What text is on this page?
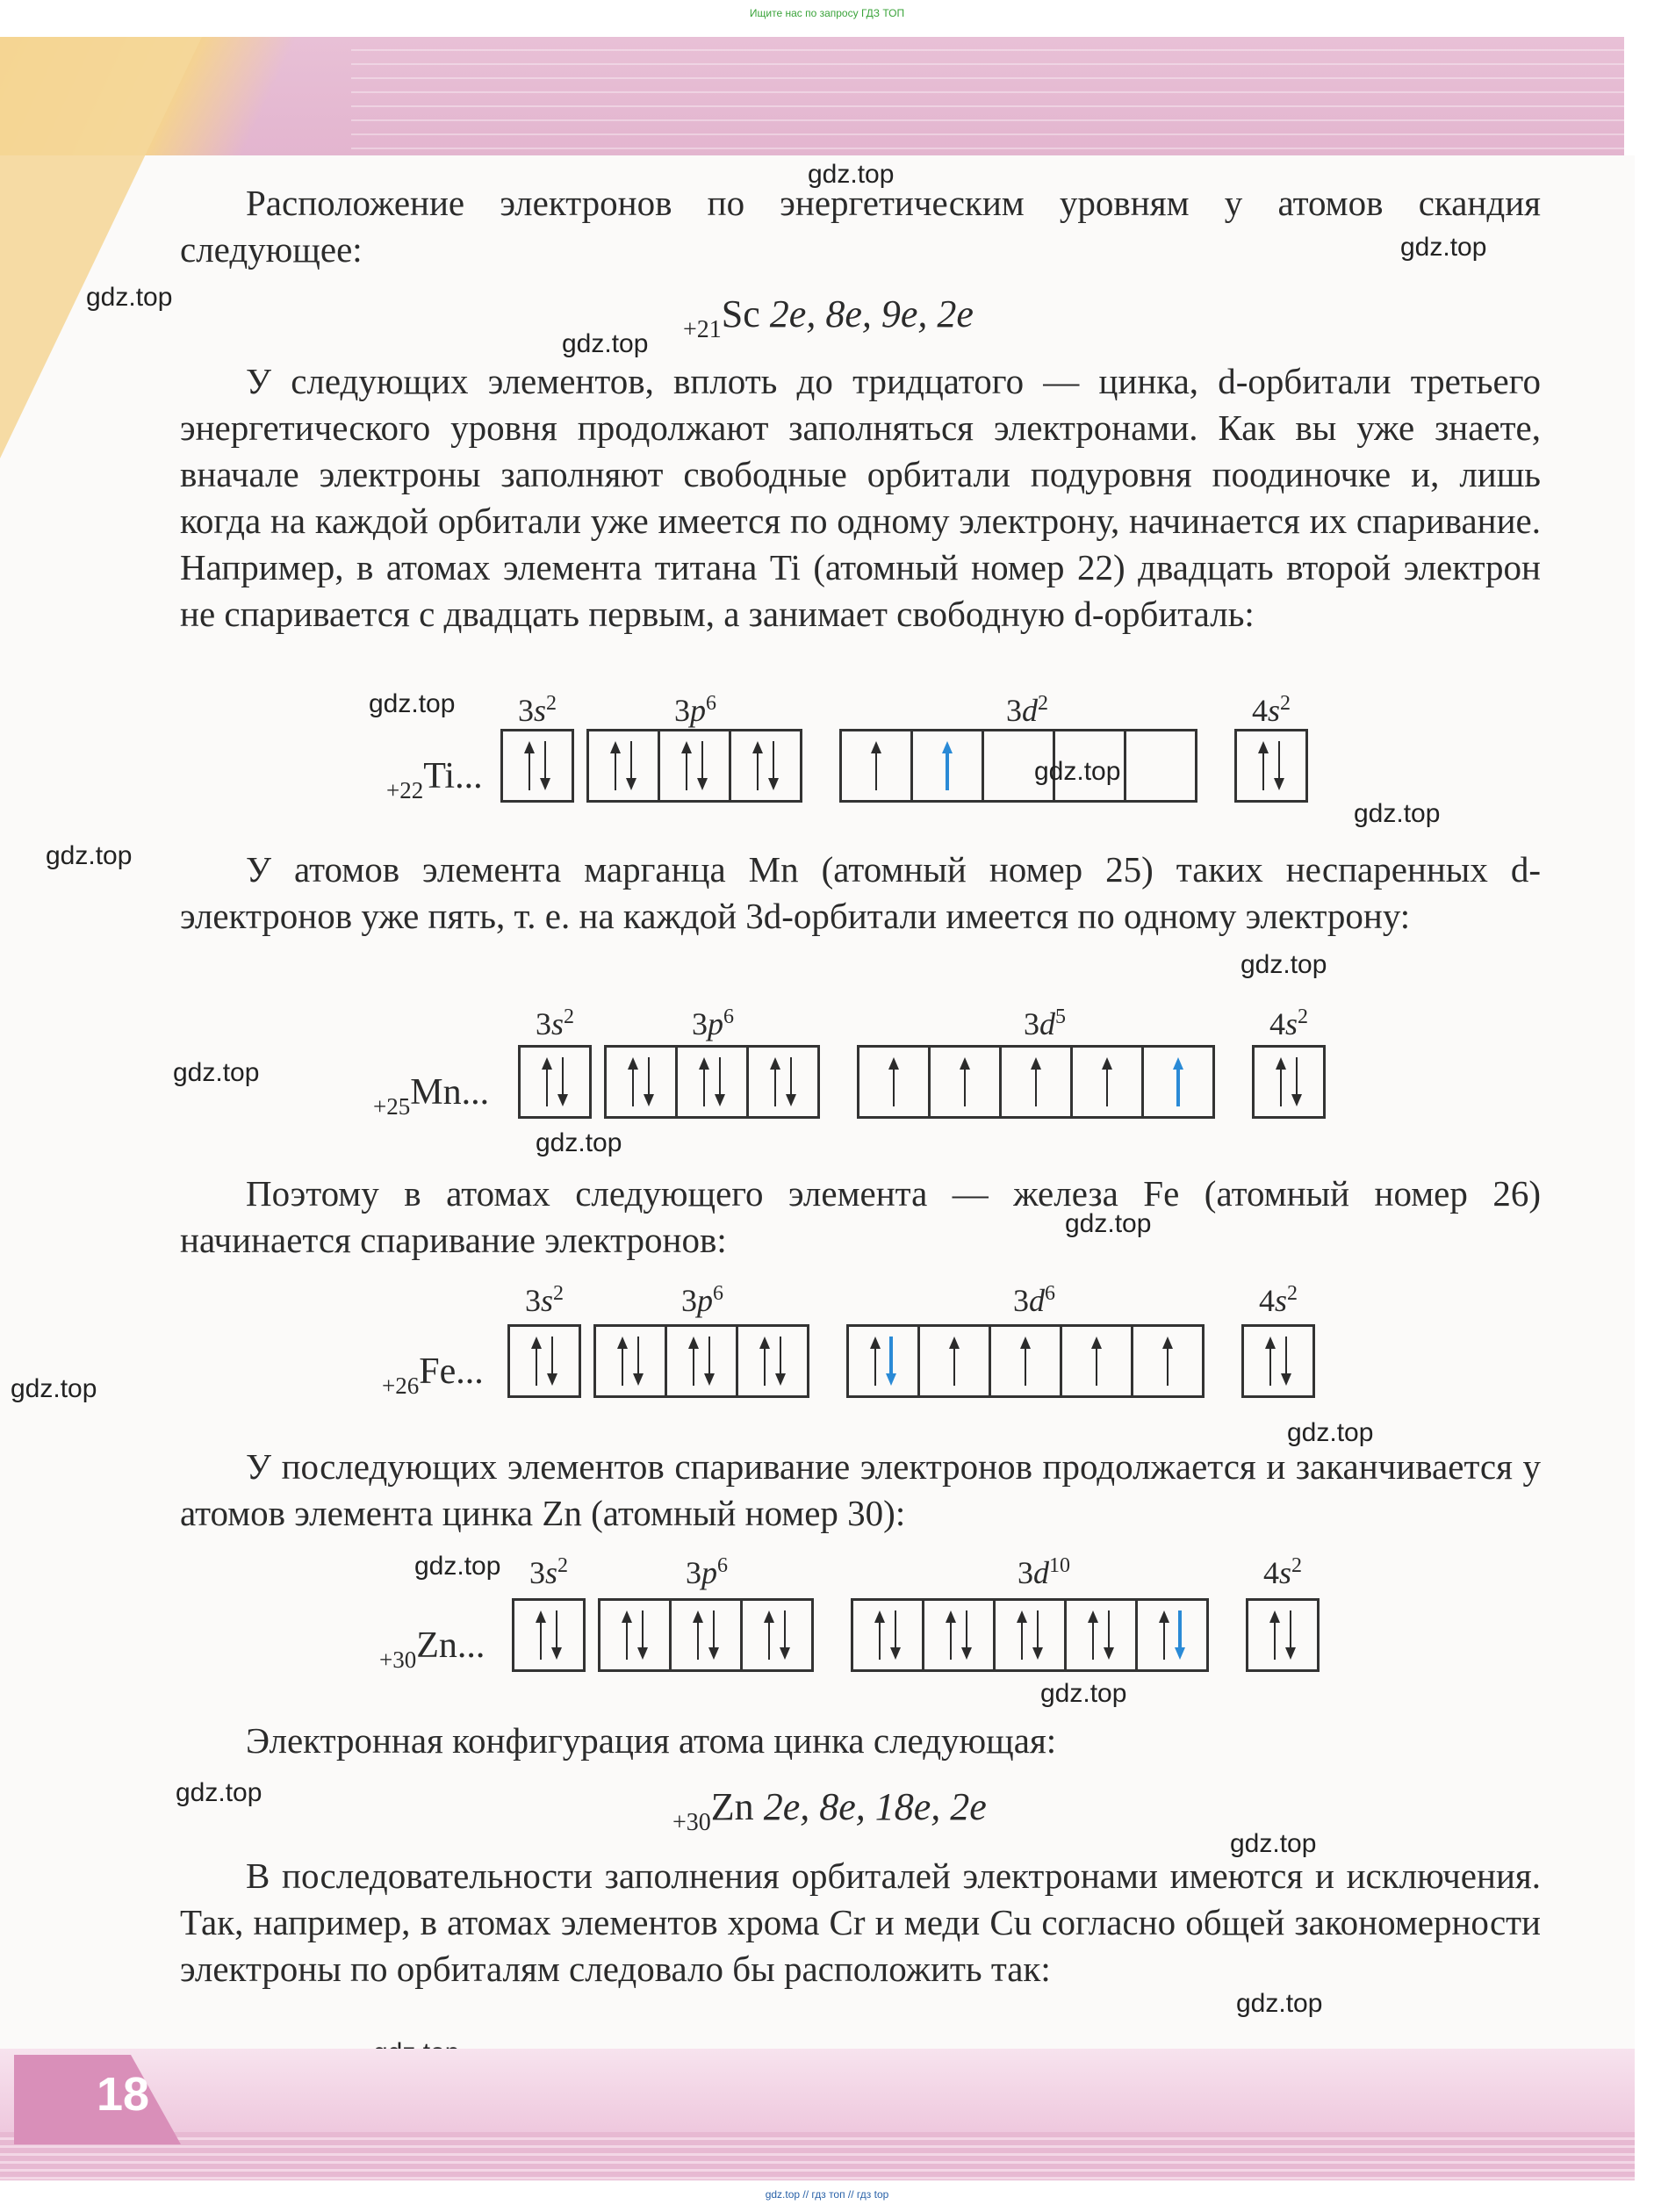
Ищите нас по запросу ГДЗ ТОП
Расположение электронов по энергетическим уровням у атомов скандия следующее:
$_{+21}$Sc 2e, 8e, 9e, 2e
У следующих элементов, вплоть до тридцатого — цинка, d-орбитали третьего энергетического уровня продолжают заполняться электронами. Как вы уже знаете, вначале электроны заполняют свободные орбитали подуровня поодиночке и, лишь когда на каждой орбитали уже имеется по одному электрону, начинается их спаривание. Например, в атомах элемента титана Ti (атомный номер 22) двадцать второй электрон не спаривается с двадцать первым, а занимает свободную d-орбиталь:
У атомов элемента марганца Mn (атомный номер 25) таких неспаренных d-электронов уже пять, т. е. на каждой 3d-орбитали имеется по одному электрону:
Поэтому в атомах следующего элемента — железа Fe (атомный номер 26) начинается спаривание электронов:
У последующих элементов спаривание электронов продолжается и заканчивается у атомов элемента цинка Zn (атомный номер 30):
Электронная конфигурация атома цинка следующая:
$_{+30}$Zn 2e, 8e, 18e, 2e
В последовательности заполнения орбиталей электронами имеются и исключения. Так, например, в атомах элементов хрома Cr и меди Cu согласно общей закономерности электроны по орбиталям следовало бы расположить так:
$_{+22}$Ti...
$3s^2$	$3p^6$	$3d^2$	$4s^2$
$_{+25}$Mn...
$3s^2$	$3p^6$	$3d^5$	$4s^2$
$_{+26}$Fe...
$3s^2$	$3p^6$	$3d^6$	$4s^2$
$_{+30}$Zn...
$3s^2$	$3p^6$	$3d^{10}$	$4s^2$
gdz.top
gdz.top
gdz.top
gdz.top
gdz.top
gdz.top
gdz.top
gdz.top
gdz.top
gdz.top
gdz.top
gdz.top
gdz.top
gdz.top
gdz.top
gdz.top
gdz.top
gdz.top
gdz.top
18
gdz.top // гдз топ // гдз top
